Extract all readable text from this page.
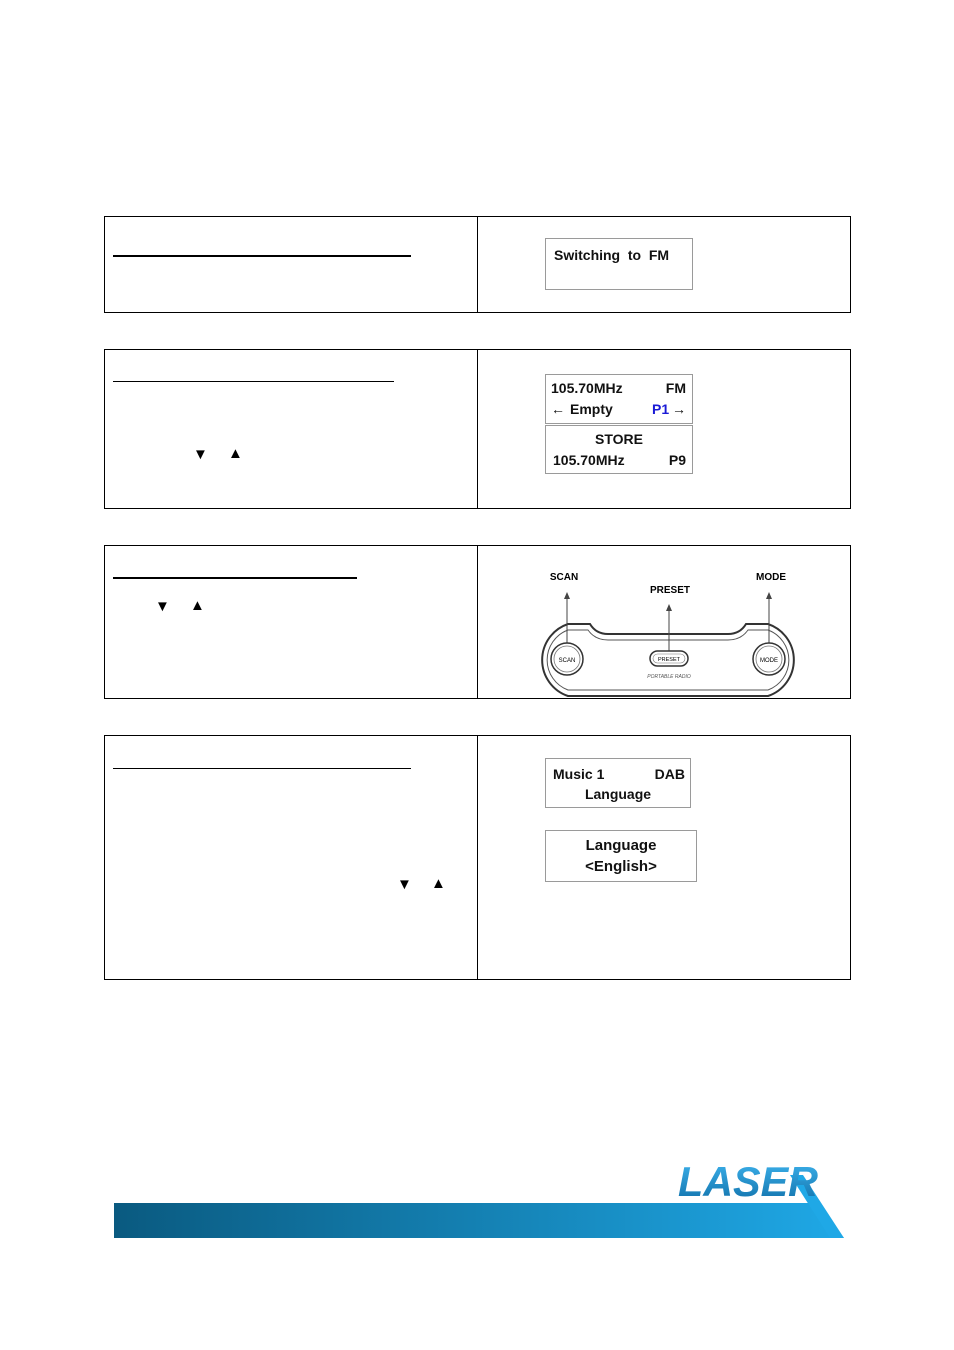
Switching  to  FM
▼ ▲
105.70MHz	FM
← Empty	P1 →
STORE
105.70MHz	P9
▼ ▲
SCAN
PRESET
MODE
SCAN	PRESET	MODE
PORTABLE RADIO
▼ ▲
Music 1	DAB
Language
Language
<English>
LASER
